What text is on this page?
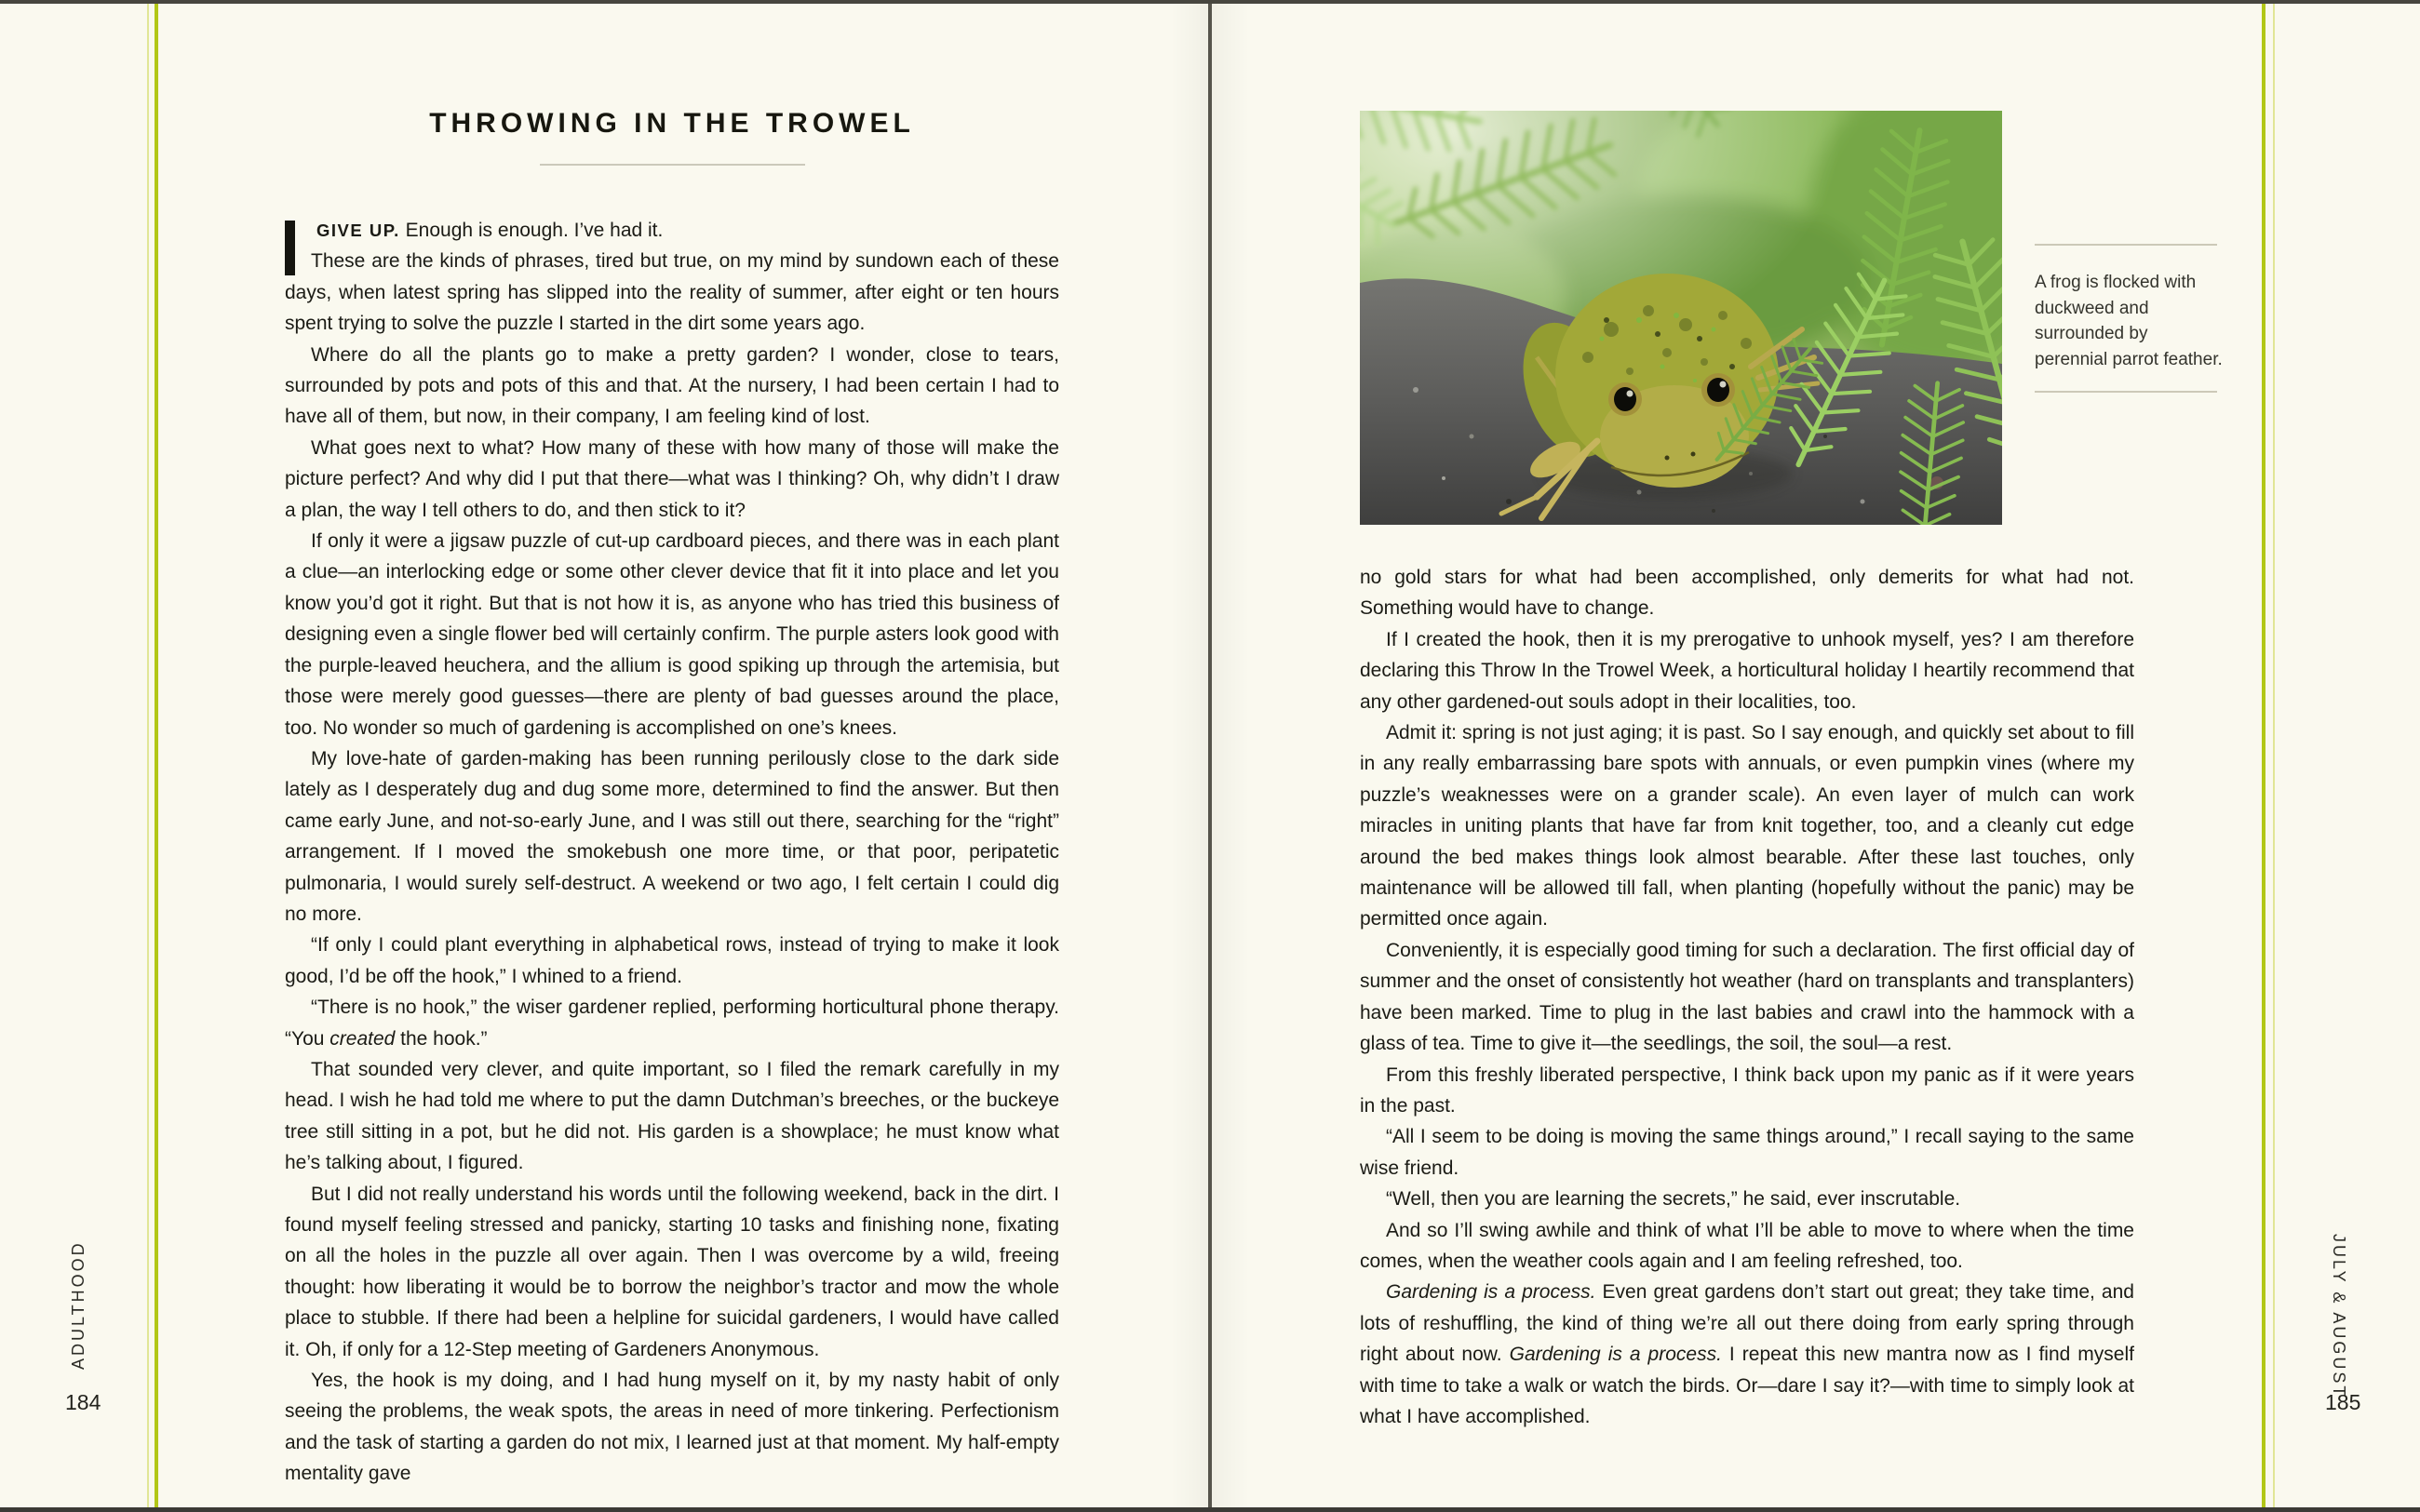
THROWING IN THE TROWEL

GIVE UP. Enough is enough. I’ve had it.

These are the kinds of phrases, tired but true, on my mind by sundown each of these days, when latest spring has slipped into the reality of summer, after eight or ten hours spent trying to solve the puzzle I started in the dirt some years ago.

Where do all the plants go to make a pretty garden? I wonder, close to tears, surrounded by pots and pots of this and that. At the nursery, I had been certain I had to have all of them, but now, in their company, I am feeling kind of lost.

What goes next to what? How many of these with how many of those will make the picture perfect? And why did I put that there—what was I thinking? Oh, why didn’t I draw a plan, the way I tell others to do, and then stick to it?

If only it were a jigsaw puzzle of cut-up cardboard pieces, and there was in each plant a clue—an interlocking edge or some other clever device that fit it into place and let you know you’d got it right. But that is not how it is, as anyone who has tried this business of designing even a single flower bed will certainly confirm. The purple asters look good with the purple-leaved heuchera, and the allium is good spiking up through the artemisia, but those were merely good guesses—there are plenty of bad guesses around the place, too. No wonder so much of gardening is accomplished on one’s knees.

My love-hate of garden-making has been running perilously close to the dark side lately as I desperately dug and dug some more, determined to find the answer. But then came early June, and not-so-early June, and I was still out there, searching for the “right” arrangement. If I moved the smokebush one more time, or that poor, peripatetic pulmonaria, I would surely self-destruct. A weekend or two ago, I felt certain I could dig no more.

“If only I could plant everything in alphabetical rows, instead of trying to make it look good, I’d be off the hook,” I whined to a friend.

“There is no hook,” the wiser gardener replied, performing horticultural phone therapy. “You created the hook.”

That sounded very clever, and quite important, so I filed the remark carefully in my head. I wish he had told me where to put the damn Dutchman’s breeches, or the buckeye tree still sitting in a pot, but he did not. His garden is a showplace; he must know what he’s talking about, I figured.

But I did not really understand his words until the following weekend, back in the dirt. I found myself feeling stressed and panicky, starting 10 tasks and finishing none, fixating on all the holes in the puzzle all over again. Then I was overcome by a wild, freeing thought: how liberating it would be to borrow the neighbor’s tractor and mow the whole place to stubble. If there had been a helpline for suicidal gardeners, I would have called it. Oh, if only for a 12-Step meeting of Gardeners Anonymous.

Yes, the hook is my doing, and I had hung myself on it, by my nasty habit of only seeing the problems, the weak spots, the areas in need of more tinkering. Perfectionism and the task of starting a garden do not mix, I learned just at that moment. My half-empty mentality gave

ADULTHOOD
184
A frog is flocked with duckweed and surrounded by perennial parrot feather.

no gold stars for what had been accomplished, only demerits for what had not. Something would have to change.

If I created the hook, then it is my prerogative to unhook myself, yes? I am therefore declaring this Throw In the Trowel Week, a horticultural holiday I heartily recommend that any other gardened-out souls adopt in their localities, too.

Admit it: spring is not just aging; it is past. So I say enough, and quickly set about to fill in any really embarrassing bare spots with annuals, or even pumpkin vines (where my puzzle’s weaknesses were on a grander scale). An even layer of mulch can work miracles in uniting plants that have far from knit together, too, and a cleanly cut edge around the bed makes things look almost bearable. After these last touches, only maintenance will be allowed till fall, when planting (hopefully without the panic) may be permitted once again.

Conveniently, it is especially good timing for such a declaration. The first official day of summer and the onset of consistently hot weather (hard on transplants and transplanters) have been marked. Time to plug in the last babies and crawl into the hammock with a glass of tea. Time to give it—the seedlings, the soil, the soul—a rest.

From this freshly liberated perspective, I think back upon my panic as if it were years in the past.

“All I seem to be doing is moving the same things around,” I recall saying to the same wise friend.

“Well, then you are learning the secrets,” he said, ever inscrutable.

And so I’ll swing awhile and think of what I’ll be able to move to where when the time comes, when the weather cools again and I am feeling refreshed, too.

Gardening is a process. Even great gardens don’t start out great; they take time, and lots of reshuffling, the kind of thing we’re all out there doing from early spring through right about now. Gardening is a process. I repeat this new mantra now as I find myself with time to take a walk or watch the birds. Or—dare I say it?—with time to simply look at what I have accomplished.

JULY & AUGUST
185
